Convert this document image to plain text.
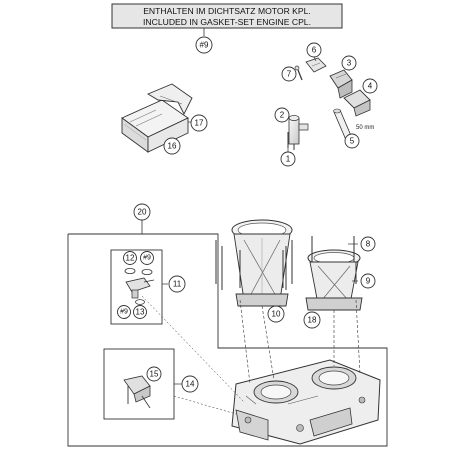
ENTHALTEN IM DICHTSATZ MOTOR KPL.
INCLUDED IN GASKET-SET ENGINE CPL.
#9
17
16
7
6
3
4
50 mm
5
2
1
20
12 #9
11
#9 13
15
14
10
18
8
9
